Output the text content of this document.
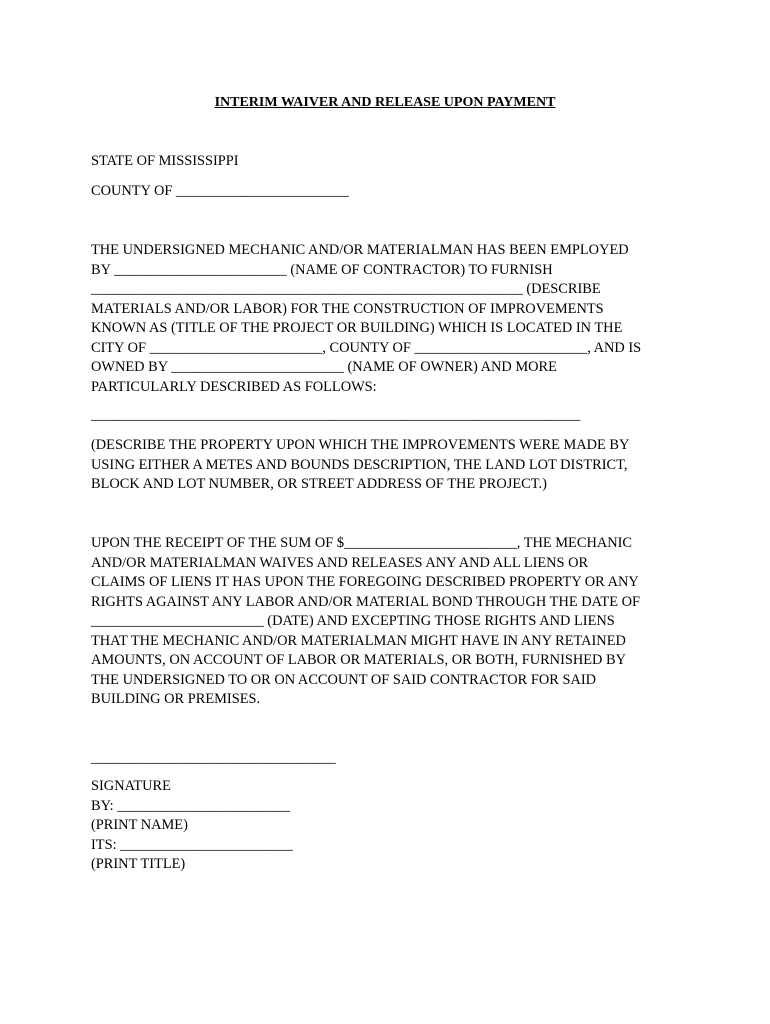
INTERIM WAIVER AND RELEASE UPON PAYMENT
STATE OF MISSISSIPPI
COUNTY OF ________________________
THE UNDERSIGNED MECHANIC AND/OR MATERIALMAN HAS BEEN EMPLOYED
BY ________________________ (NAME OF CONTRACTOR) TO FURNISH
____________________________________________________________ (DESCRIBE
MATERIALS AND/OR LABOR) FOR THE CONSTRUCTION OF IMPROVEMENTS
KNOWN AS (TITLE OF THE PROJECT OR BUILDING) WHICH IS LOCATED IN THE
CITY OF ________________________, COUNTY OF ________________________, AND IS
OWNED BY ________________________ (NAME OF OWNER) AND MORE
PARTICULARLY DESCRIBED AS FOLLOWS:
____________________________________________________________________
(DESCRIBE THE PROPERTY UPON WHICH THE IMPROVEMENTS WERE MADE BY
USING EITHER A METES AND BOUNDS DESCRIPTION, THE LAND LOT DISTRICT,
BLOCK AND LOT NUMBER, OR STREET ADDRESS OF THE PROJECT.)
UPON THE RECEIPT OF THE SUM OF $________________________, THE MECHANIC
AND/OR MATERIALMAN WAIVES AND RELEASES ANY AND ALL LIENS OR
CLAIMS OF LIENS IT HAS UPON THE FOREGOING DESCRIBED PROPERTY OR ANY
RIGHTS AGAINST ANY LABOR AND/OR MATERIAL BOND THROUGH THE DATE OF
________________________ (DATE) AND EXCEPTING THOSE RIGHTS AND LIENS
THAT THE MECHANIC AND/OR MATERIALMAN MIGHT HAVE IN ANY RETAINED
AMOUNTS, ON ACCOUNT OF LABOR OR MATERIALS, OR BOTH, FURNISHED BY
THE UNDERSIGNED TO OR ON ACCOUNT OF SAID CONTRACTOR FOR SAID
BUILDING OR PREMISES.
__________________________________
SIGNATURE
BY: ________________________
(PRINT NAME)
ITS: ________________________
(PRINT TITLE)
